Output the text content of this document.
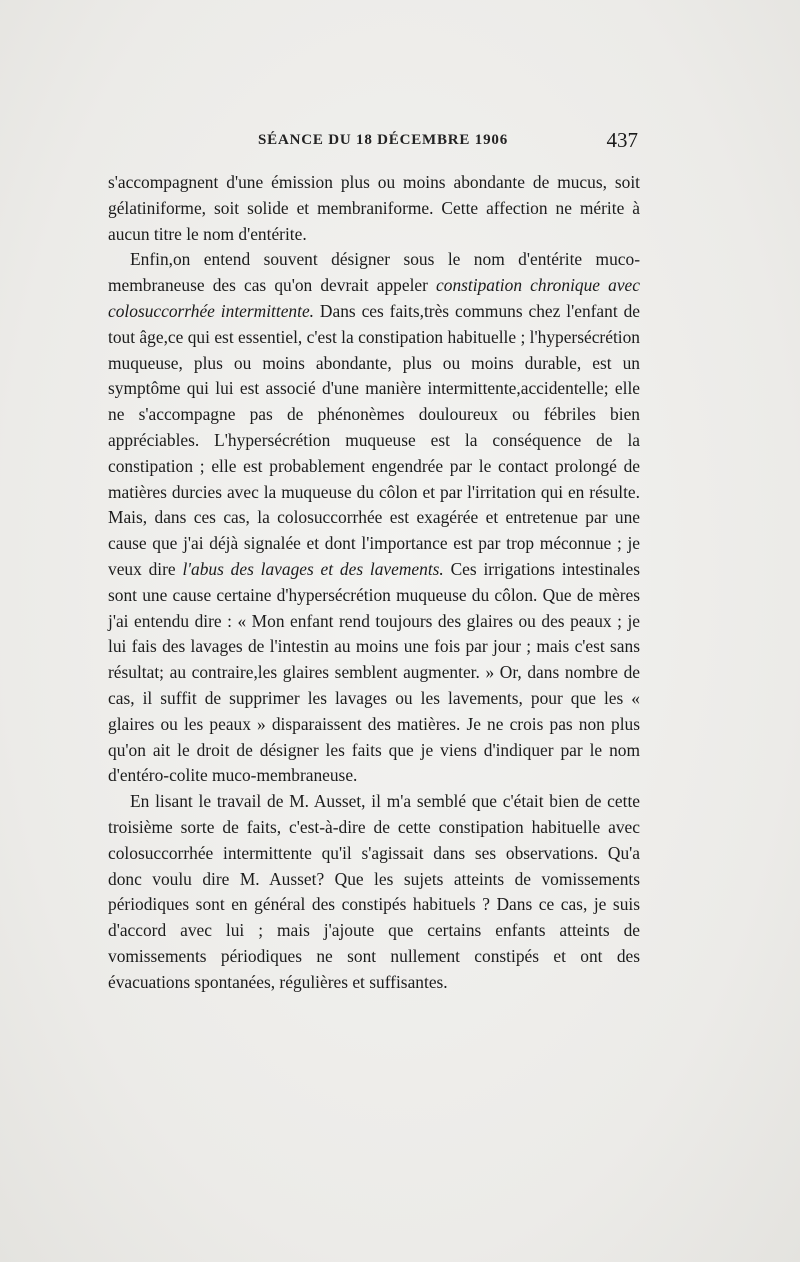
SÉANCE DU 18 DÉCEMBRE 1906	437

s'accompagnent d'une émission plus ou moins abondante de mucus, soit gélatiniforme, soit solide et membraniforme. Cette affection ne mérite à aucun titre le nom d'entérite.

Enfin,on entend souvent désigner sous le nom d'entérite muco-membraneuse des cas qu'on devrait appeler constipation chronique avec colosuccorrhée intermittente. Dans ces faits,très communs chez l'enfant de tout âge,ce qui est essentiel, c'est la constipation habituelle ; l'hypersécrétion muqueuse, plus ou moins abondante, plus ou moins durable, est un symptôme qui lui est associé d'une manière intermittente,accidentelle; elle ne s'accompagne pas de phénonèmes douloureux ou fébriles bien appréciables. L'hypersécrétion muqueuse est la conséquence de la constipation ; elle est probablement engendrée par le contact prolongé de matières durcies avec la muqueuse du côlon et par l'irritation qui en résulte. Mais, dans ces cas, la colosuccorrhée est exagérée et entretenue par une cause que j'ai déjà signalée et dont l'importance est par trop méconnue ; je veux dire l'abus des lavages et des lavements. Ces irrigations intestinales sont une cause certaine d'hypersécrétion muqueuse du côlon. Que de mères j'ai entendu dire : « Mon enfant rend toujours des glaires ou des peaux ; je lui fais des lavages de l'intestin au moins une fois par jour ; mais c'est sans résultat; au contraire,les glaires semblent augmenter. » Or, dans nombre de cas, il suffit de supprimer les lavages ou les lavements, pour que les « glaires ou les peaux » disparaissent des matières. Je ne crois pas non plus qu'on ait le droit de désigner les faits que je viens d'indiquer par le nom d'entéro-colite muco-membraneuse.

En lisant le travail de M. Ausset, il m'a semblé que c'était bien de cette troisième sorte de faits, c'est-à-dire de cette constipation habituelle avec colosuccorrhée intermittente qu'il s'agissait dans ses observations. Qu'a donc voulu dire M. Ausset? Que les sujets atteints de vomissements périodiques sont en général des constipés habituels ? Dans ce cas, je suis d'accord avec lui ; mais j'ajoute que certains enfants atteints de vomissements périodiques ne sont nullement constipés et ont des évacuations spontanées, régulières et suffisantes.
